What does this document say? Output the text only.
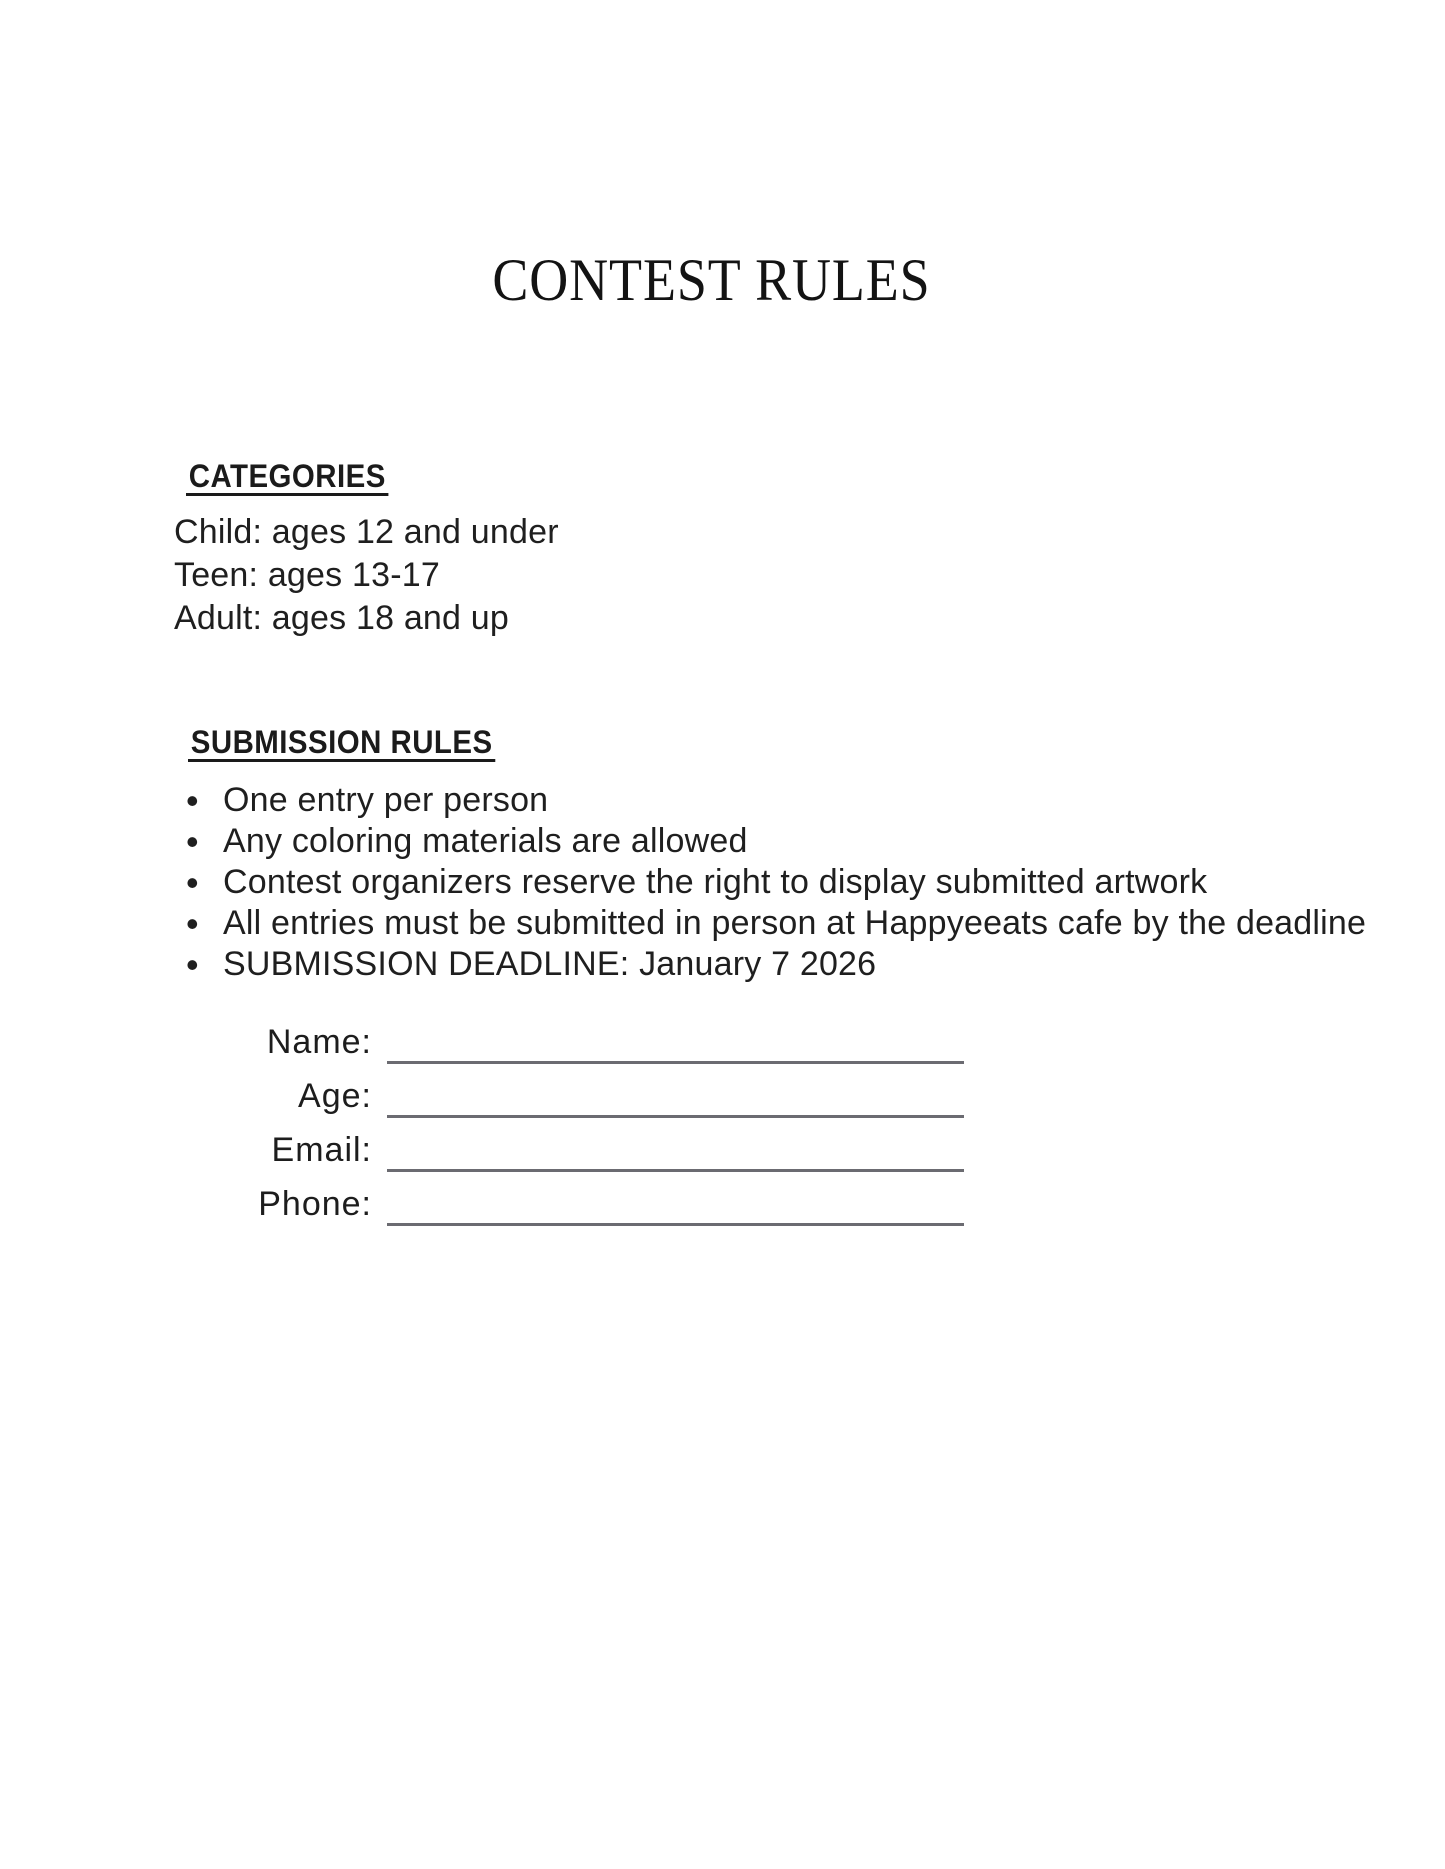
CONTEST RULES
CATEGORIES

Child: ages 12 and under

Teen: ages 13-17

Adult: ages 18 and up

SUBMISSION RULES
• One entry per person
• Any coloring materials are allowed
• Contest organizers reserve the right to display submitted artwork
• All entries must be submitted in person at Happyeeats cafe by the deadline
• SUBMISSION DEADLINE: January 7 2026
Name:
Age:
Email:
Phone:
